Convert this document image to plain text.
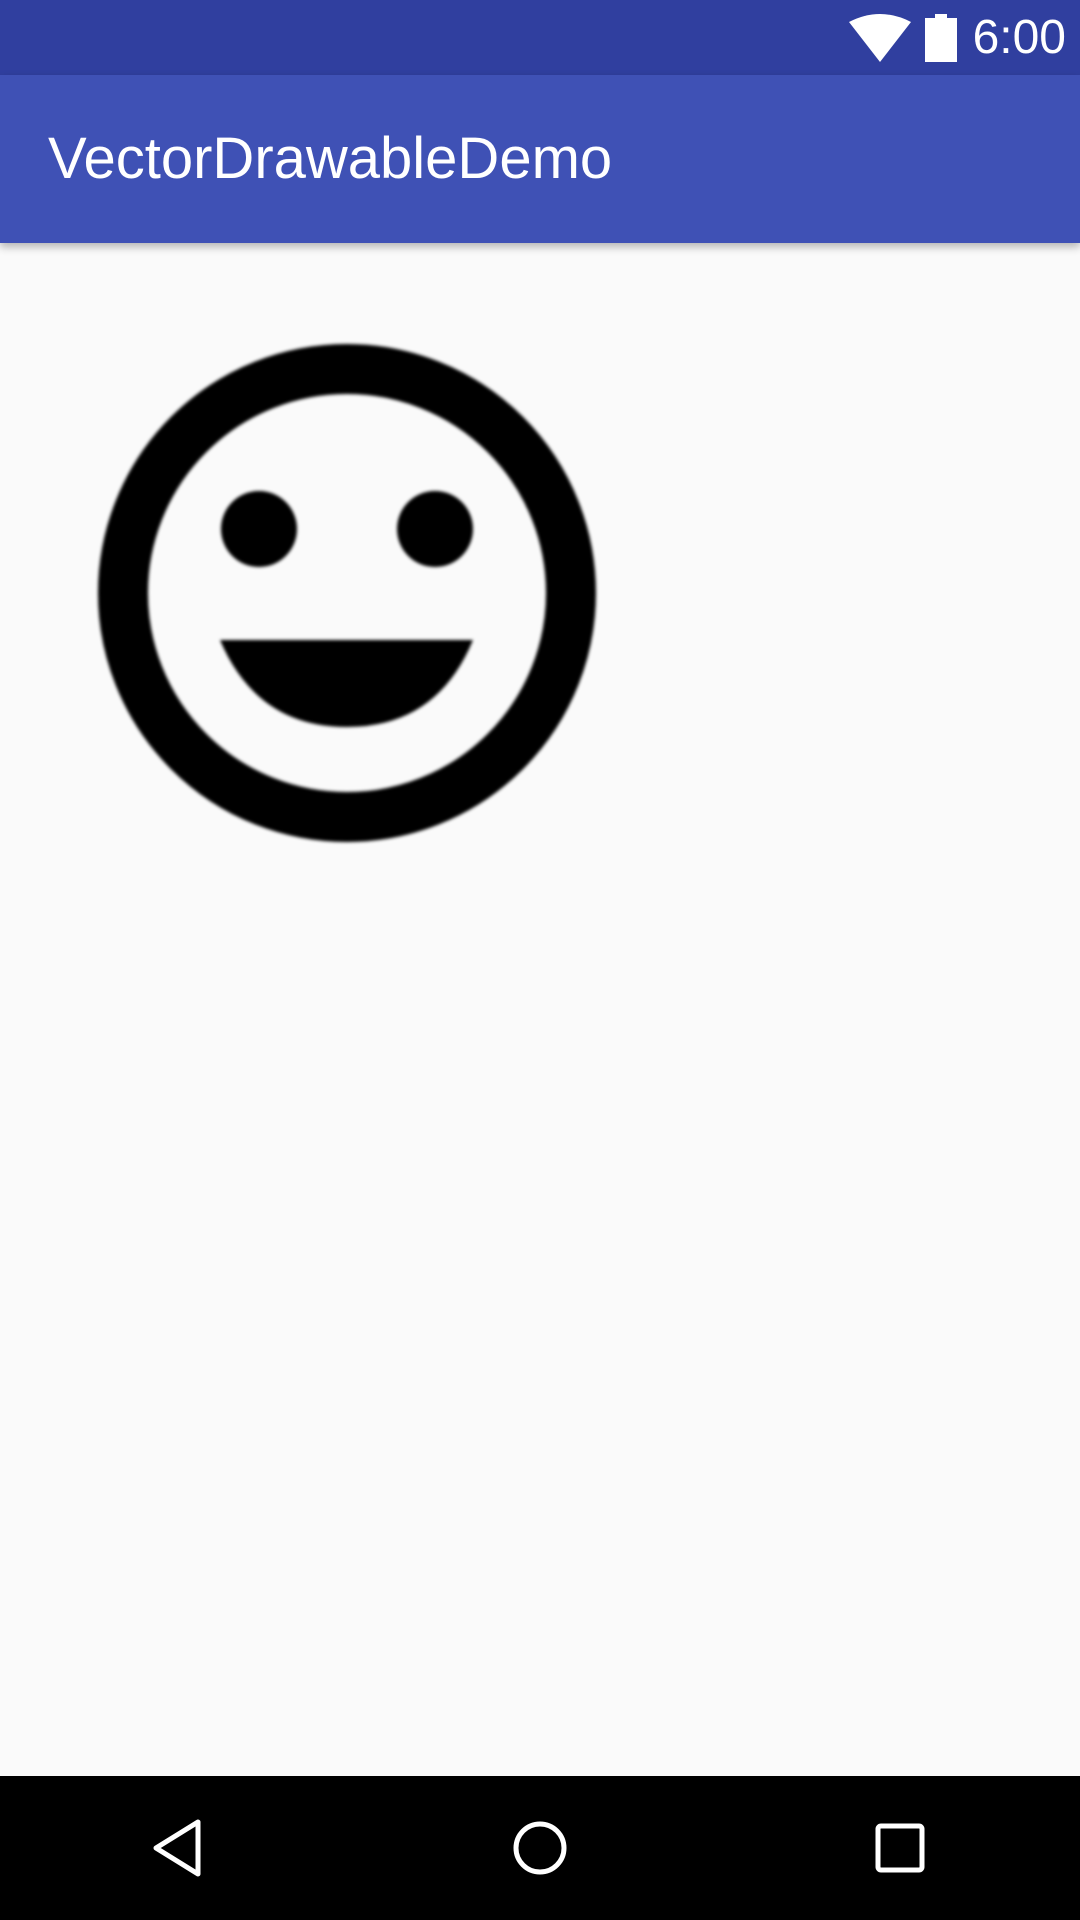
6:00
VectorDrawableDemo
